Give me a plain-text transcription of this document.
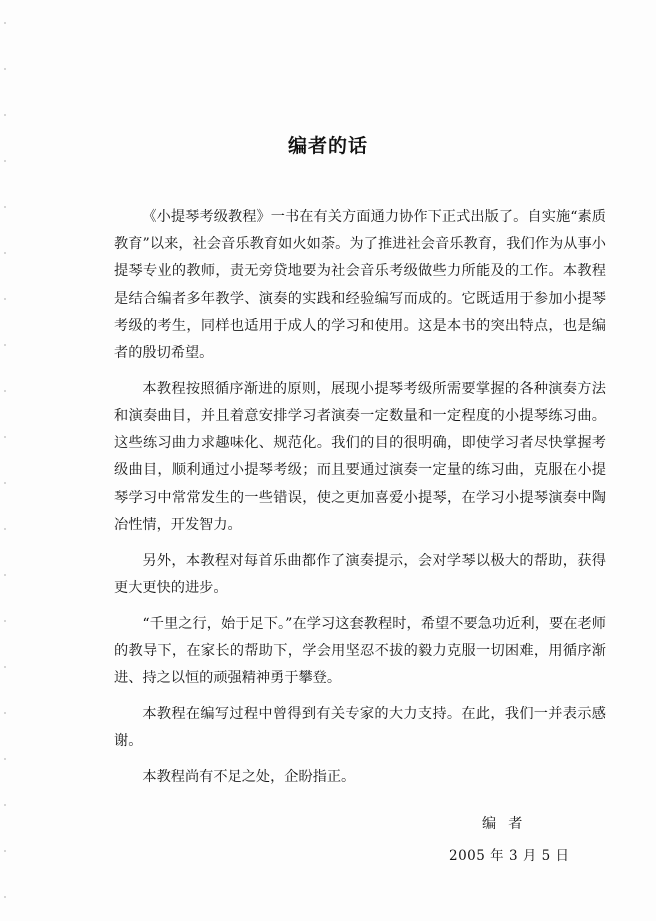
编者的话

《小提琴考级教程》一书在有关方面通力协作下正式出版了。自实施“素质教育”以来，社会音乐教育如火如荼。为了推进社会音乐教育，我们作为从事小提琴专业的教师，责无旁贷地要为社会音乐考级做些力所能及的工作。本教程是结合编者多年教学、演奏的实践和经验编写而成的。它既适用于参加小提琴考级的考生，同样也适用于成人的学习和使用。这是本书的突出特点，也是编者的殷切希望。

本教程按照循序渐进的原则，展现小提琴考级所需要掌握的各种演奏方法和演奏曲目，并且着意安排学习者演奏一定数量和一定程度的小提琴练习曲。这些练习曲力求趣味化、规范化。我们的目的很明确，即使学习者尽快掌握考级曲目，顺利通过小提琴考级；而且要通过演奏一定量的练习曲，克服在小提琴学习中常常发生的一些错误，使之更加喜爱小提琴，在学习小提琴演奏中陶冶性情，开发智力。

另外，本教程对每首乐曲都作了演奏提示，会对学琴以极大的帮助，获得更大更快的进步。

“千里之行，始于足下。”在学习这套教程时，希望不要急功近利，要在老师的教导下，在家长的帮助下，学会用坚忍不拔的毅力克服一切困难，用循序渐进、持之以恒的顽强精神勇于攀登。

本教程在编写过程中曾得到有关专家的大力支持。在此，我们一并表示感谢。

本教程尚有不足之处，企盼指正。

编者
2005 年 3 月 5 日
